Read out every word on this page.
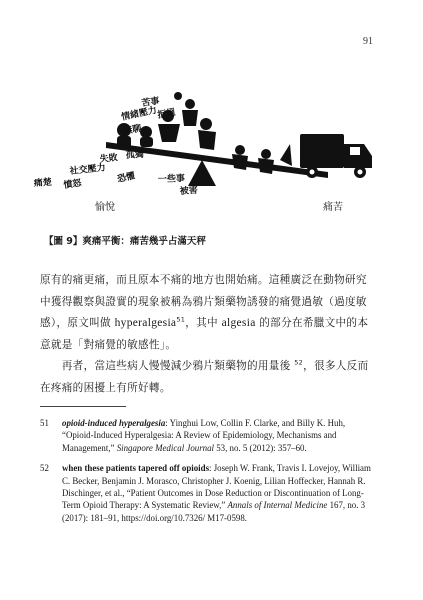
91
苦事
情緒壓力
拒絕
無聊
失敗 孤獨
社交壓力
痛楚 憤怒	恐懼 一些事
被害
愉悅	痛苦
【圖 9】爽痛平衡：痛苦幾乎占滿天秤

原有的痛更痛，而且原本不痛的地方也開始痛。這種廣泛在動物研究中獲得觀察與證實的現象被稱為鴉片類藥物誘發的痛覺過敏（過度敏感），原文叫做 hyperalgesia$^{51}$，其中 algesia 的部分在希臘文中的本意就是「對痛覺的敏感性」。

　　再者，當這些病人慢慢減少鴉片類藥物的用量後 $^{52}$，很多人反而在疼痛的困擾上有所好轉。

51	opioid-induced hyperalgesia: Yinghui Low, Collin F. Clarke, and Billy K. Huh, “Opioid-Induced Hyperalgesia: A Review of Epidemiology, Mechanisms and Management,” Singapore Medical Journal 53, no. 5 (2012): 357–60.
52	when these patients tapered off opioids: Joseph W. Frank, Travis I. Lovejoy, William C. Becker, Benjamin J. Morasco, Christopher J. Koenig, Lilian Hoffecker, Hannah R. Dischinger, et al., “Patient Outcomes in Dose Reduction or Discontinuation of Long-Term Opioid Therapy: A Systematic Review,” Annals of Internal Medicine 167, no. 3 (2017): 181–91, https://doi.org/10.7326/ M17-0598.
